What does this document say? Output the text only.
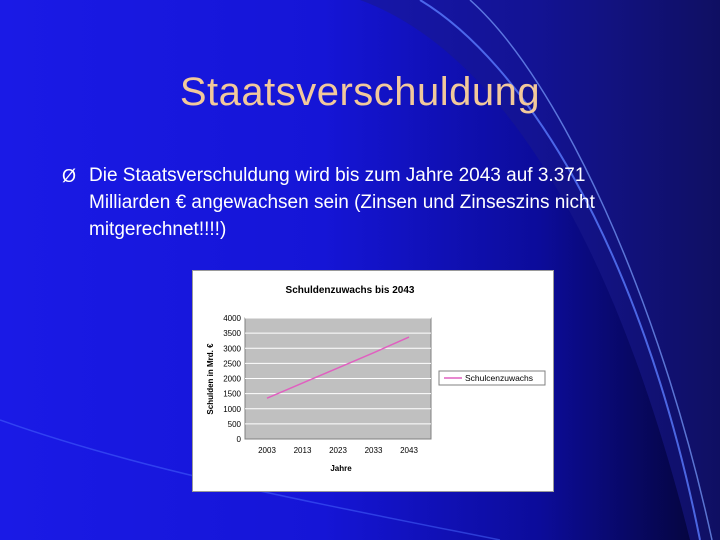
Staatsverschuldung
Ø Die Staatsverschuldung wird bis zum Jahre 2043 auf 3.371 Milliarden € angewachsen sein (Zinsen und Zinseszins nicht mitgerechnet!!!!)
Schuldenzuwachs bis 2043
0
500
1000
1500
2000
2500
3000
3500
4000
2003 2013 2023 2033 2043
Schulden in Mrd. €
Jahre
Schulcenzuwachs
